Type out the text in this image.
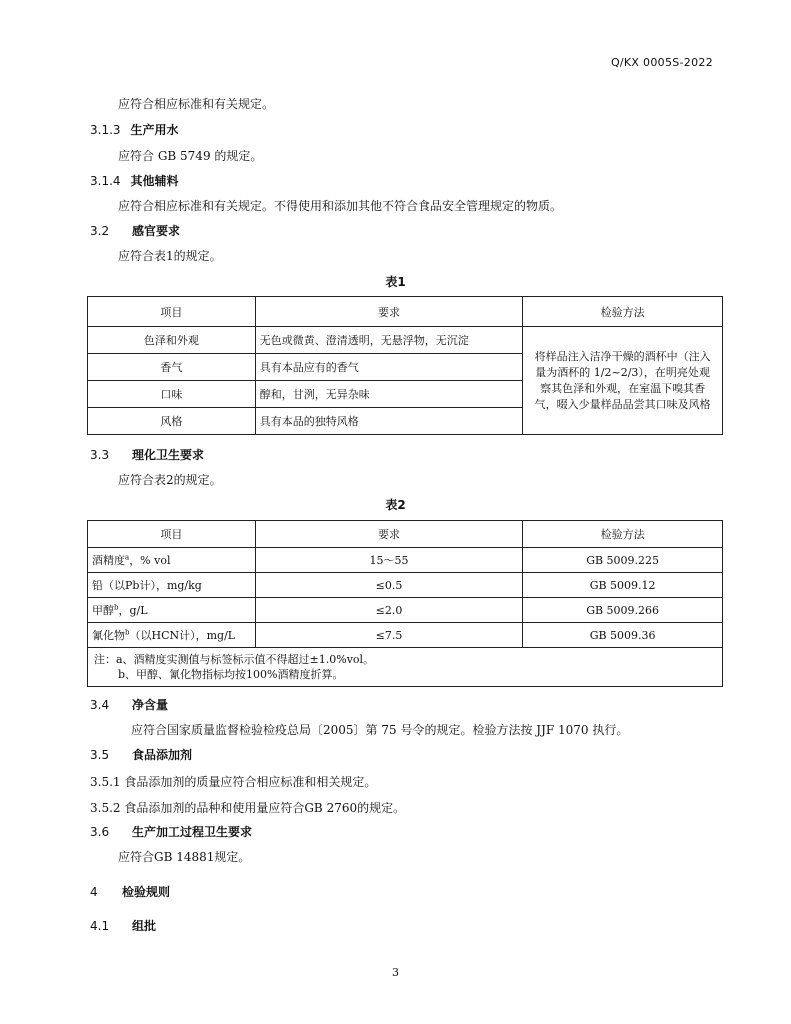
Q/KX 0005S-2022
应符合相应标准和有关规定。
3.1.3 生产用水
应符合 GB 5749 的规定。
3.1.4 其他辅料
应符合相应标准和有关规定。不得使用和添加其他不符合食品安全管理规定的物质。
3.2 感官要求
应符合表1的规定。
表1
项目	要求	检验方法
色泽和外观	无色或微黄、澄清透明，无悬浮物，无沉淀	将样品注入洁净干燥的酒杯中（注入量为酒杯的 1/2~2/3），在明亮处观察其色泽和外观，在室温下嗅其香气，啜入少量样品品尝其口味及风格
香气	具有本品应有的香气	
口味	醇和，甘洌，无异杂味	
风格	具有本品的独特风格	
3.3 理化卫生要求
应符合表2的规定。
表2
项目	要求	检验方法
酒精度$^a$，% vol	15～55	GB 5009.225
铅（以Pb计），mg/kg	≤0.5	GB 5009.12
甲醇$^b$，g/L	≤2.0	GB 5009.266
氰化物$^b$（以HCN计），mg/L	≤7.5	GB 5009.36

注：a、酒精度实测值与标签标示值不得超过±1.0%vol。
b、甲醇、氰化物指标均按100%酒精度折算。		
3.4 净含量
应符合国家质量监督检验检疫总局〔2005〕第 75 号令的规定。检验方法按 JJF 1070 执行。
3.5 食品添加剂
3.5.1 食品添加剂的质量应符合相应标准和相关规定。
3.5.2 食品添加剂的品种和使用量应符合GB 2760的规定。
3.6 生产加工过程卫生要求
应符合GB 14881规定。
4 检验规则
4.1 组批
3
